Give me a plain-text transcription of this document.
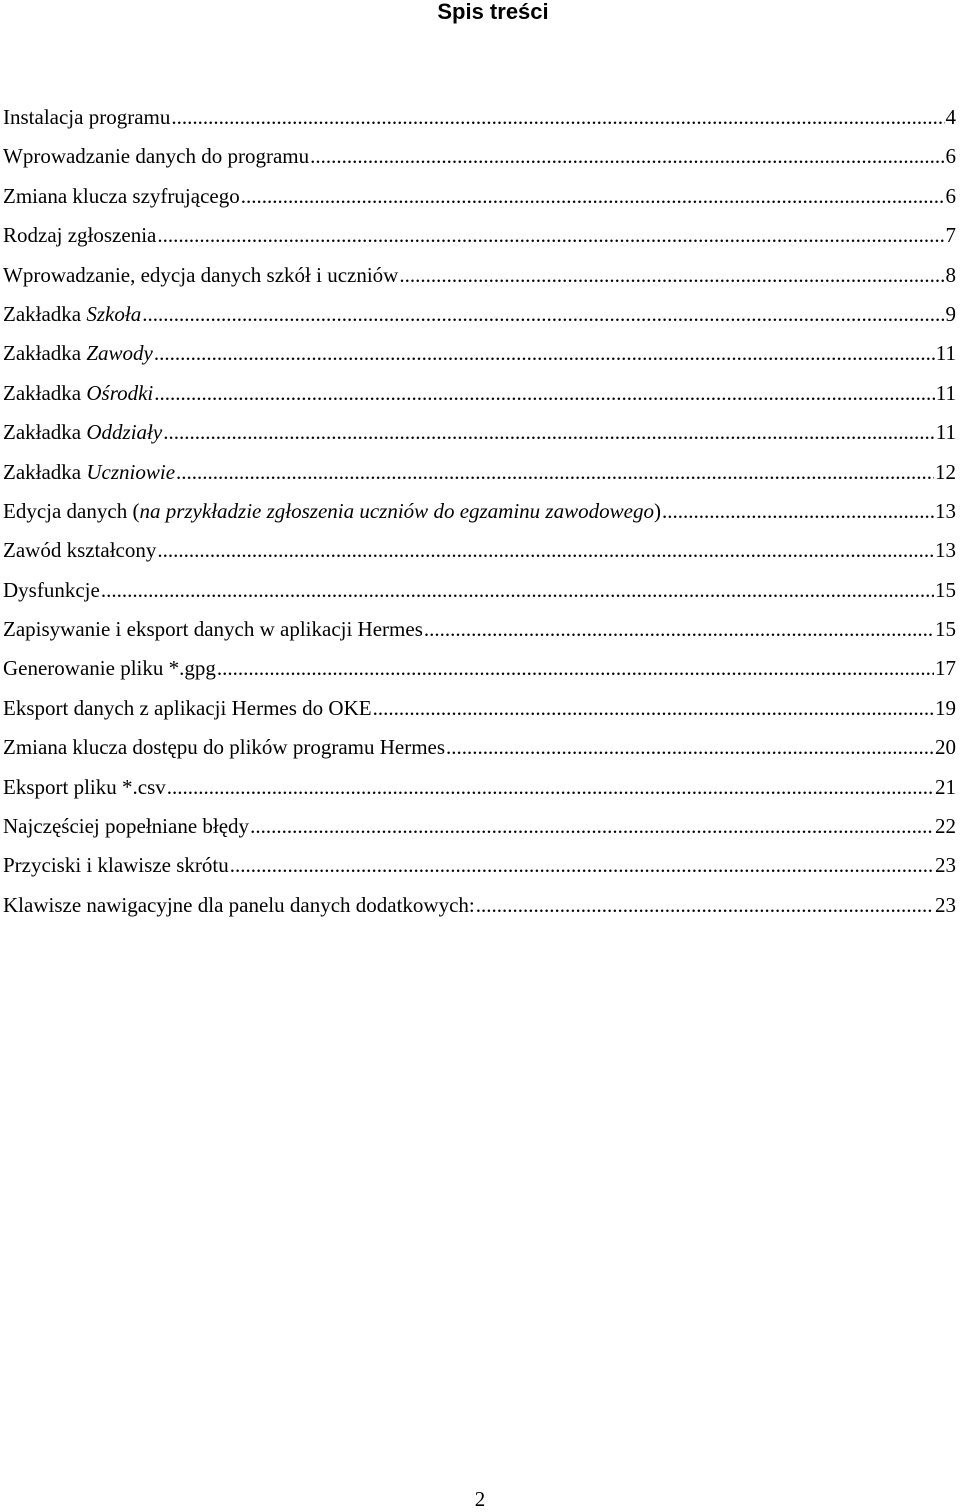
Spis treści
Instalacja programu .....	4
Wprowadzanie danych do programu .....	6
Zmiana klucza szyfrującego .....	6
Rodzaj zgłoszenia .....	7
Wprowadzanie, edycja danych szkół i uczniów .....	8
Zakładka Szkoła .....	9
Zakładka Zawody .....	11
Zakładka Ośrodki .....	11
Zakładka Oddziały .....	11
Zakładka Uczniowie .....	12
Edycja danych (na przykładzie zgłoszenia uczniów do egzaminu zawodowego) .....	13
Zawód kształcony .....	13
Dysfunkcje .....	15
Zapisywanie i eksport danych w aplikacji Hermes .....	15
Generowanie pliku *.gpg .....	17
Eksport danych z aplikacji Hermes do OKE .....	19
Zmiana klucza dostępu do plików programu Hermes .....	20
Eksport pliku *.csv .....	21
Najczęściej popełniane błędy .....	22
Przyciski i klawisze skrótu .....	23
Klawisze nawigacyjne dla panelu danych dodatkowych: .....	23
2
